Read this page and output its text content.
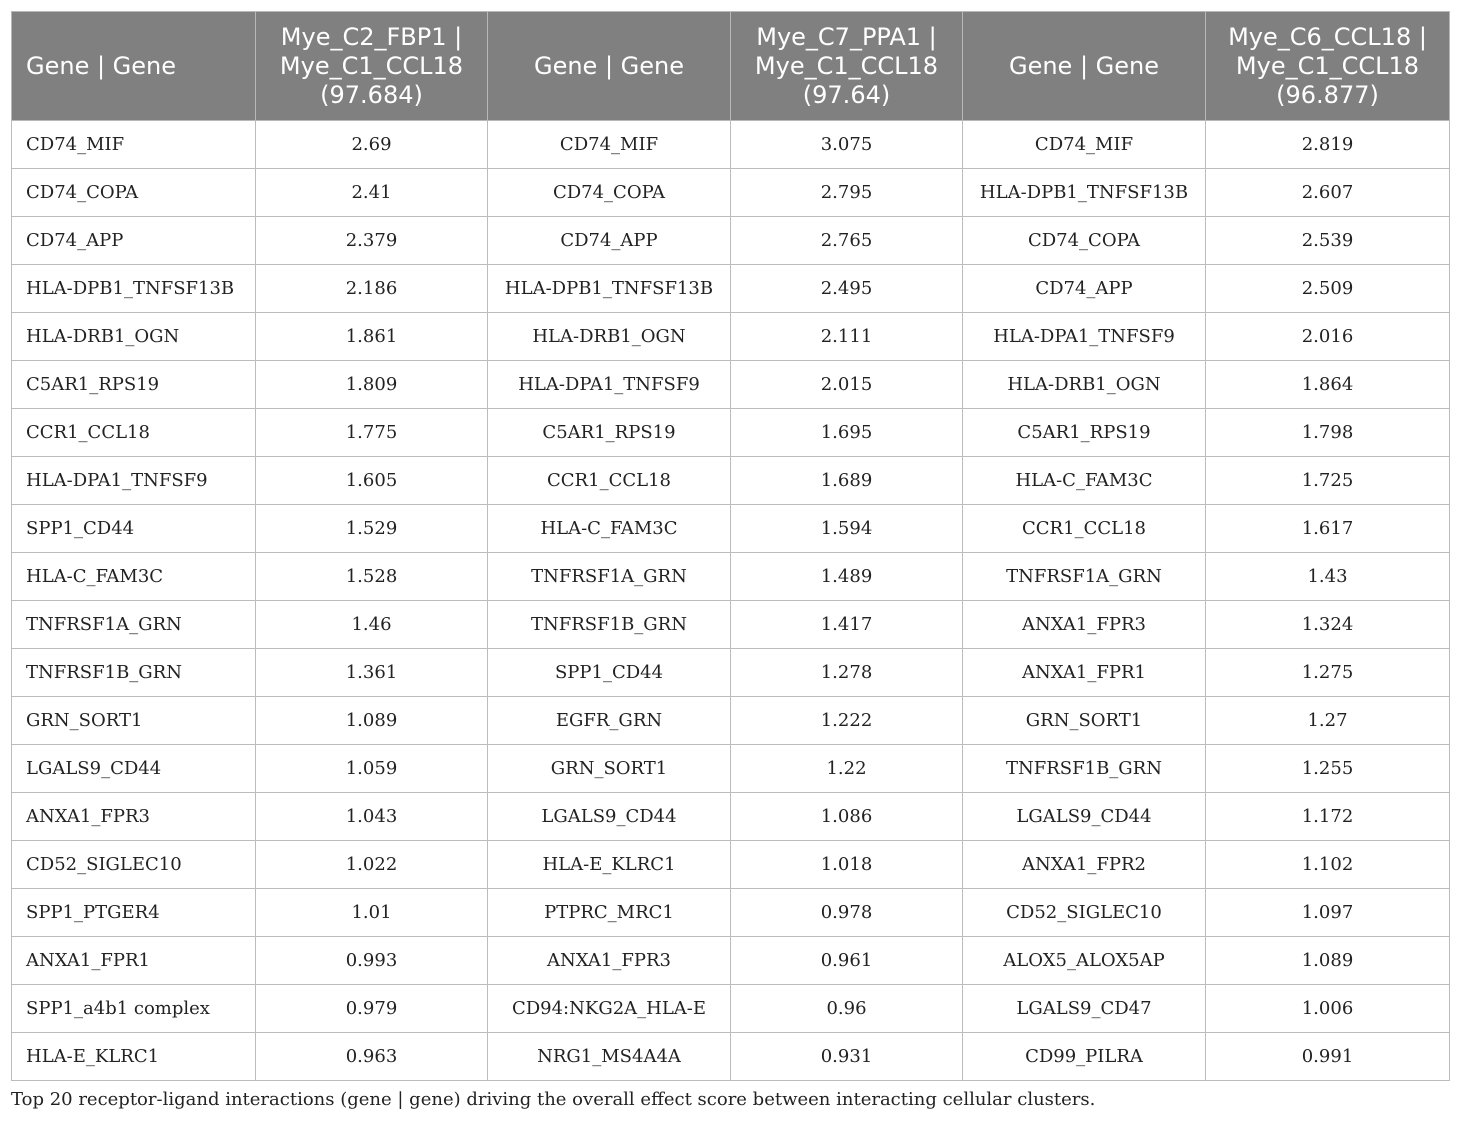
Gene | Gene	Mye_C2_FBP1 | Mye_C1_CCL18 (97.684)	Gene | Gene	Mye_C7_PPA1 | Mye_C1_CCL18 (97.64)	Gene | Gene	Mye_C6_CCL18 | Mye_C1_CCL18 (96.877)
CD74_MIF	2.69	CD74_MIF	3.075	CD74_MIF	2.819
CD74_COPA	2.41	CD74_COPA	2.795	HLA-DPB1_TNFSF13B	2.607
CD74_APP	2.379	CD74_APP	2.765	CD74_COPA	2.539
HLA-DPB1_TNFSF13B	2.186	HLA-DPB1_TNFSF13B	2.495	CD74_APP	2.509
HLA-DRB1_OGN	1.861	HLA-DRB1_OGN	2.111	HLA-DPA1_TNFSF9	2.016
C5AR1_RPS19	1.809	HLA-DPA1_TNFSF9	2.015	HLA-DRB1_OGN	1.864
CCR1_CCL18	1.775	C5AR1_RPS19	1.695	C5AR1_RPS19	1.798
HLA-DPA1_TNFSF9	1.605	CCR1_CCL18	1.689	HLA-C_FAM3C	1.725
SPP1_CD44	1.529	HLA-C_FAM3C	1.594	CCR1_CCL18	1.617
HLA-C_FAM3C	1.528	TNFRSF1A_GRN	1.489	TNFRSF1A_GRN	1.43
TNFRSF1A_GRN	1.46	TNFRSF1B_GRN	1.417	ANXA1_FPR3	1.324
TNFRSF1B_GRN	1.361	SPP1_CD44	1.278	ANXA1_FPR1	1.275
GRN_SORT1	1.089	EGFR_GRN	1.222	GRN_SORT1	1.27
LGALS9_CD44	1.059	GRN_SORT1	1.22	TNFRSF1B_GRN	1.255
ANXA1_FPR3	1.043	LGALS9_CD44	1.086	LGALS9_CD44	1.172
CD52_SIGLEC10	1.022	HLA-E_KLRC1	1.018	ANXA1_FPR2	1.102
SPP1_PTGER4	1.01	PTPRC_MRC1	0.978	CD52_SIGLEC10	1.097
ANXA1_FPR1	0.993	ANXA1_FPR3	0.961	ALOX5_ALOX5AP	1.089
SPP1_a4b1 complex	0.979	CD94:NKG2A_HLA-E	0.96	LGALS9_CD47	1.006
HLA-E_KLRC1	0.963	NRG1_MS4A4A	0.931	CD99_PILRA	0.991
Top 20 receptor-ligand interactions (gene | gene) driving the overall effect score between interacting cellular clusters.
